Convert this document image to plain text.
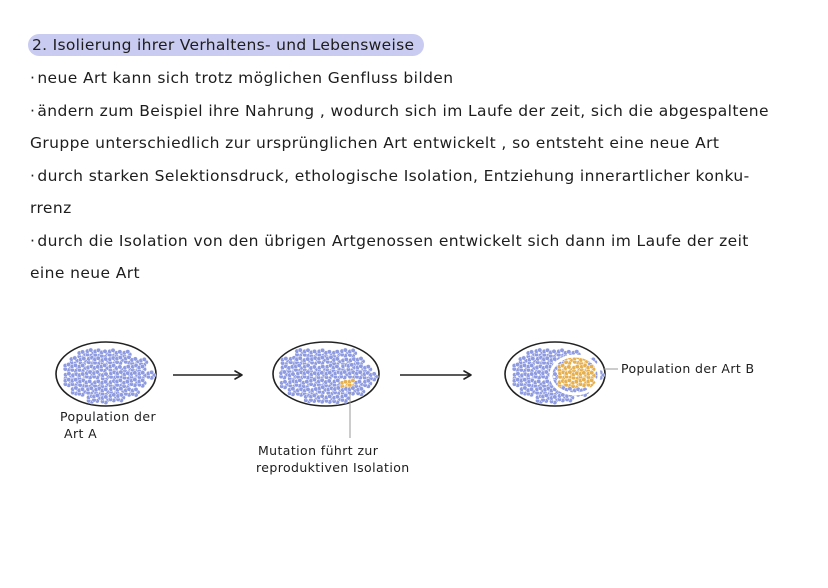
2. Isolierung ihrer Verhaltens- und Lebensweise
· neue Art kann sich trotz möglichen Genfluss bilden
· ändern zum Beispiel ihre Nahrung , wodurch sich im Laufe der zeit, sich die abgespaltene
Gruppe unterschiedlich zur ursprünglichen Art entwickelt , so entsteht eine neue Art
· durch starken Selektionsdruck, ethologische Isolation, Entziehung innerartlicher konku-
rrenz
· durch die Isolation von den übrigen Artgenossen entwickelt sich dann im Laufe der zeit
eine neue Art
Population der
Art A
Mutation führt zur
reproduktiven Isolation
Population der Art B
